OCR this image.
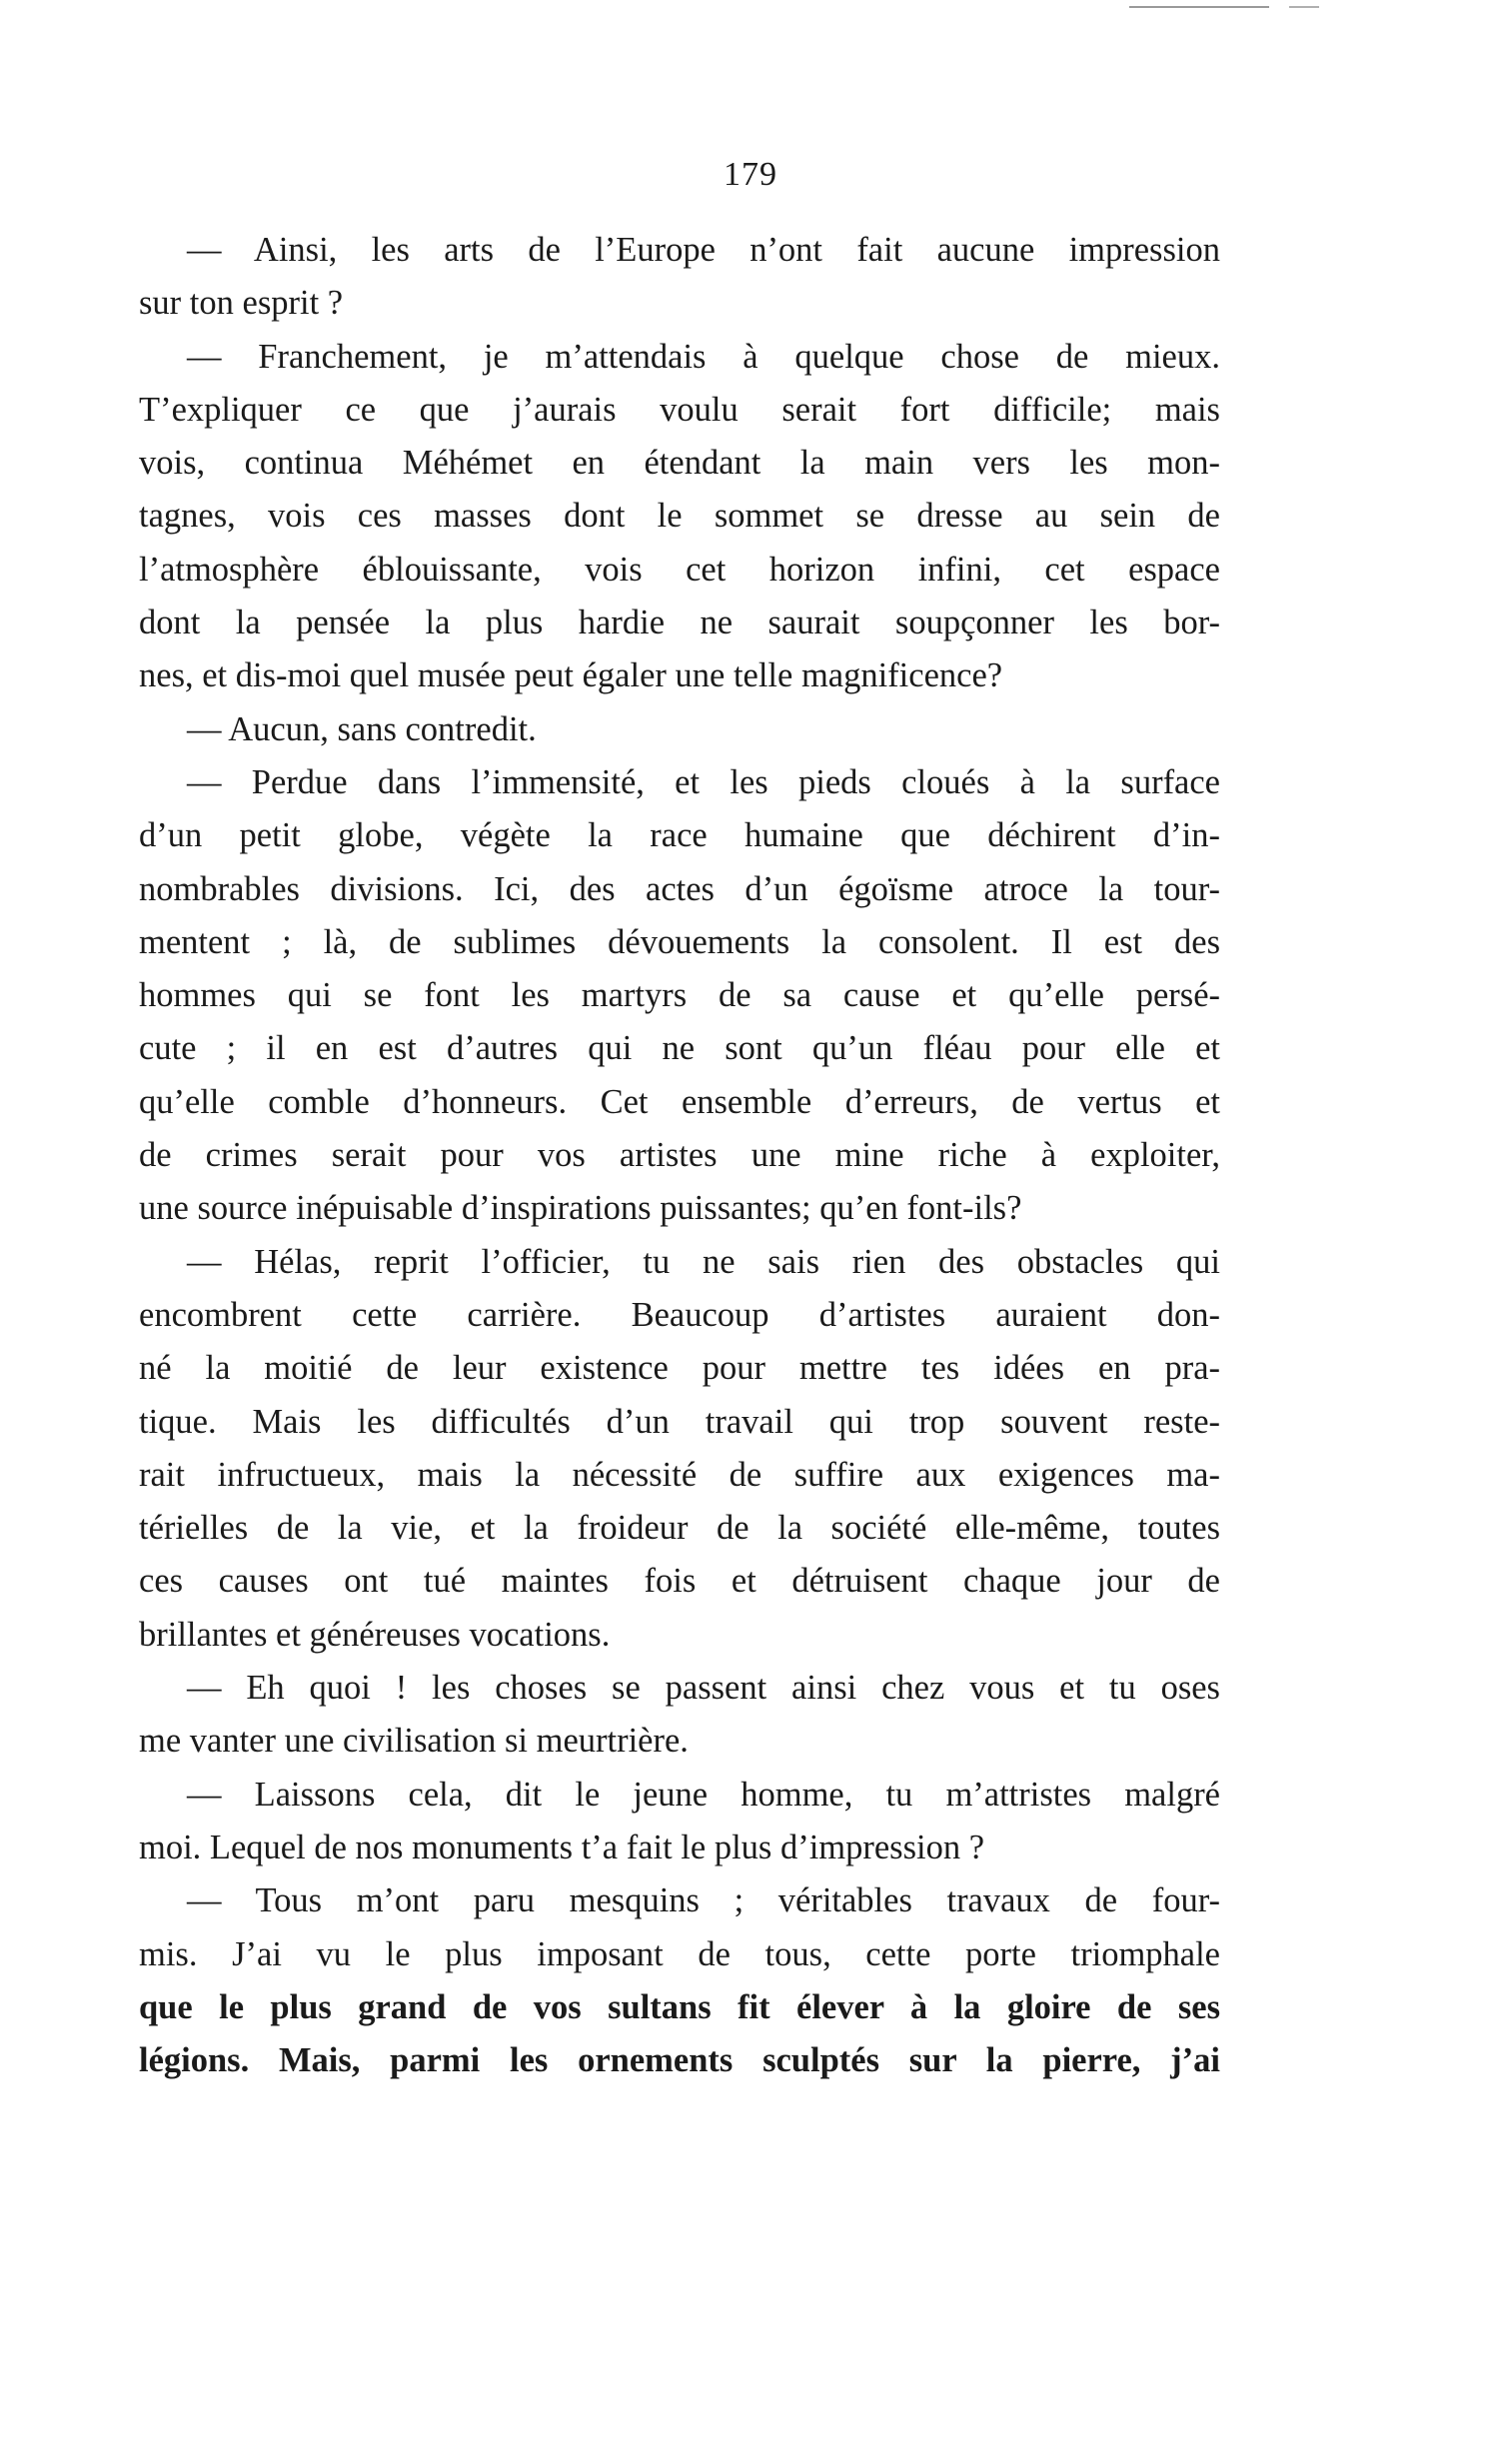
179
— Ainsi, les arts de l’Europe n’ont fait aucune impression
sur ton esprit ?
— Franchement, je m’attendais à quelque chose de mieux.
T’expliquer ce que j’aurais voulu serait fort difficile; mais
vois, continua Méhémet en étendant la main vers les mon-
tagnes, vois ces masses dont le sommet se dresse au sein de
l’atmosphère éblouissante, vois cet horizon infini, cet espace
dont la pensée la plus hardie ne saurait soupçonner les bor-
nes, et dis-moi quel musée peut égaler une telle magnificence?
— Aucun, sans contredit.
— Perdue dans l’immensité, et les pieds cloués à la surface
d’un petit globe, végète la race humaine que déchirent d’in-
nombrables divisions. Ici, des actes d’un égoïsme atroce la tour-
mentent ; là, de sublimes dévouements la consolent. Il est des
hommes qui se font les martyrs de sa cause et qu’elle persé-
cute ; il en est d’autres qui ne sont qu’un fléau pour elle et
qu’elle comble d’honneurs. Cet ensemble d’erreurs, de vertus et
de crimes serait pour vos artistes une mine riche à exploiter,
une source inépuisable d’inspirations puissantes; qu’en font-ils?
— Hélas, reprit l’officier, tu ne sais rien des obstacles qui
encombrent cette carrière. Beaucoup d’artistes auraient don-
né la moitié de leur existence pour mettre tes idées en pra-
tique. Mais les difficultés d’un travail qui trop souvent reste-
rait infructueux, mais la nécessité de suffire aux exigences ma-
térielles de la vie, et la froideur de la société elle-même, toutes
ces causes ont tué maintes fois et détruisent chaque jour de
brillantes et généreuses vocations.
— Eh quoi ! les choses se passent ainsi chez vous et tu oses
me vanter une civilisation si meurtrière.
— Laissons cela, dit le jeune homme, tu m’attristes malgré
moi. Lequel de nos monuments t’a fait le plus d’impression ?
— Tous m’ont paru mesquins ; véritables travaux de four-
mis. J’ai vu le plus imposant de tous, cette porte triomphale
que le plus grand de vos sultans fit élever à la gloire de ses
légions. Mais, parmi les ornements sculptés sur la pierre, j’ai
